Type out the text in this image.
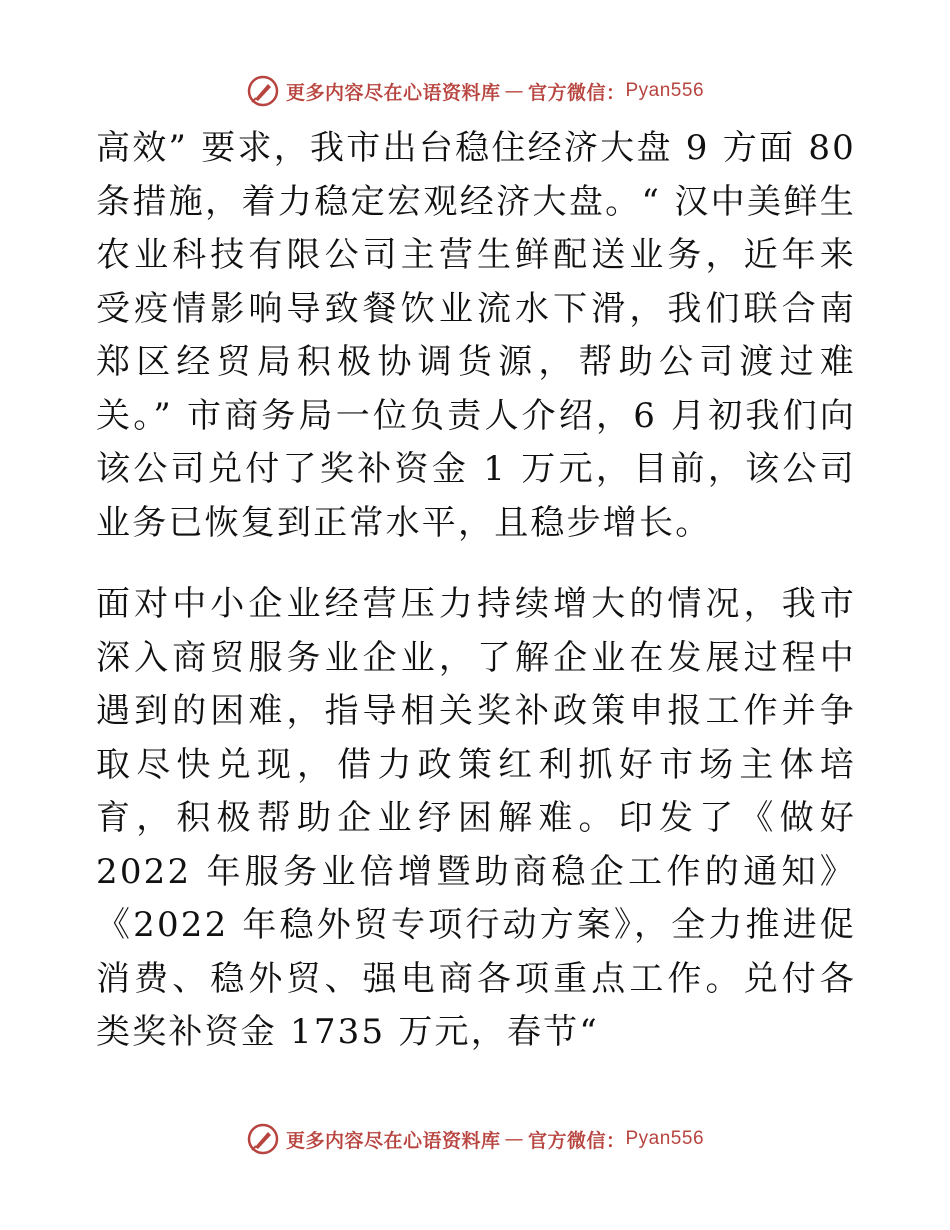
更多内容尽在心语资料库 — 官方微信： Pyan556

高效” 要求，我市出台稳住经济大盘 9 方面 80 条措施，着力稳定宏观经济大盘。“ 汉中美鲜生农业科技有限公司主营生鲜配送业务，近年来受疫情影响导致餐饮业流水下滑，我们联合南郑区经贸局积极协调货源，帮助公司渡过难关。” 市商务局一位负责人介绍，6 月初我们向该公司兑付了奖补资金 1 万元，目前，该公司业务已恢复到正常水平，且稳步增长。

面对中小企业经营压力持续增大的情况，我市深入商贸服务业企业，了解企业在发展过程中遇到的困难，指导相关奖补政策申报工作并争取尽快兑现，借力政策红利抓好市场主体培育，积极帮助企业纾困解难。印发了《做好 2022 年服务业倍增暨助商稳企工作的通知》《2022 年稳外贸专项行动方案》，全力推进促消费、稳外贸、强电商各项重点工作。兑付各类奖补资金 1735 万元，春节“

更多内容尽在心语资料库 — 官方微信： Pyan556
